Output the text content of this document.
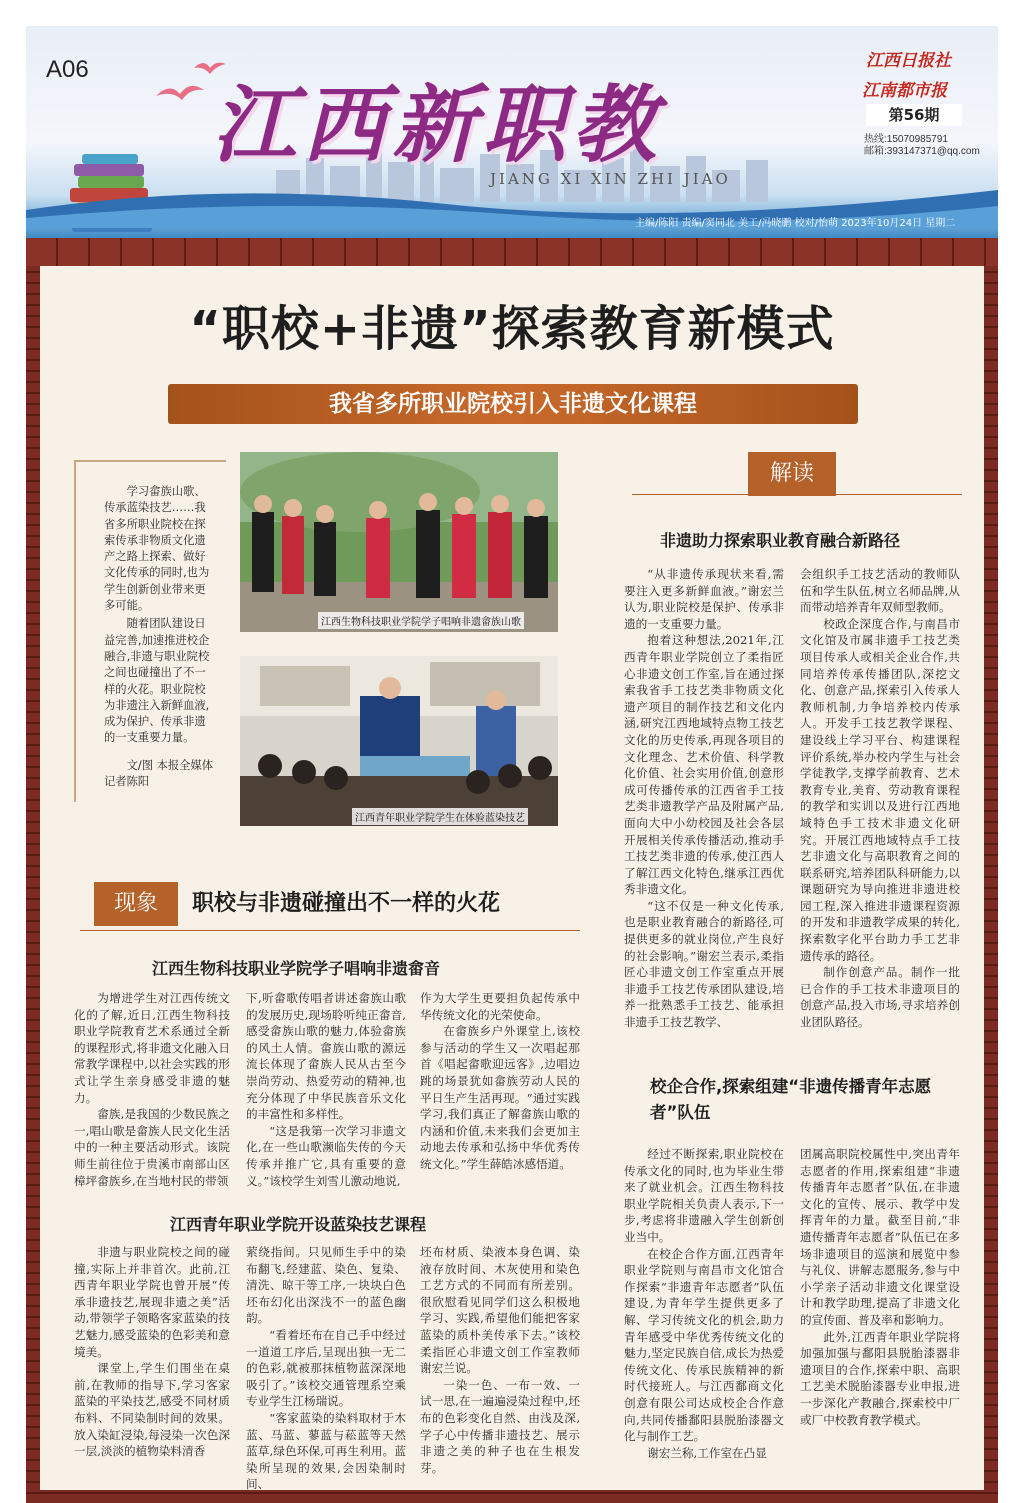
A06
江西新职教
JIANG XI XIN ZHI JIAO
江西日报社
江南都市报
第56期
热线:15070985791
邮箱:393147371@qq.com
主编/陈阳 责编/窦同北 美工/冯晓鹏 校对/怡萌 2023年10月24日 星期二
“职校+非遗”探索教育新模式
我省多所职业院校引入非遗文化课程

学习畲族山歌、传承蓝染技艺……我省多所职业院校在探索传承非物质文化遗产之路上探索、做好文化传承的同时,也为学生创新创业带来更多可能。

随着团队建设日益完善,加速推进校企融合,非遗与职业院校之间也碰撞出了不一样的火花。职业院校为非遗注入新鲜血液,成为保护、传承非遗的一支重要力量。

文/图 本报全媒体记者陈阳
江西生物科技职业学院学子唱响非遗畲族山歌
江西青年职业学院学生在体验蓝染技艺
现象	职校与非遗碰撞出不一样的火花
江西生物科技职业学院学子唱响非遗畲音

为增进学生对江西传统文化的了解,近日,江西生物科技职业学院教育艺术系通过全新的课程形式,将非遗文化融入日常教学课程中,以社会实践的形式让学生亲身感受非遗的魅力。

畲族,是我国的少数民族之一,唱山歌是畲族人民文化生活中的一种主要活动形式。该院师生前往位于贵溪市南部山区樟坪畲族乡,在当地村民的带领

下,听畲歌传唱者讲述畲族山歌的发展历史,现场聆听纯正畲音,感受畲族山歌的魅力,体验畲族的风土人情。畲族山歌的源远流长体现了畲族人民从古至今崇尚劳动、热爱劳动的精神,也充分体现了中华民族音乐文化的丰富性和多样性。

“这是我第一次学习非遗文化,在一些山歌濒临失传的今天传承并推广它,具有重要的意义。”该校学生刘雪儿激动地说,

作为大学生更要担负起传承中华传统文化的光荣使命。

在畲族乡户外课堂上,该校参与活动的学生又一次唱起那首《唱起畲歌迎远客》,边唱边跳的场景犹如畲族劳动人民的平日生产生活再现。“通过实践学习,我们真正了解畲族山歌的内涵和价值,未来我们会更加主动地去传承和弘扬中华优秀传统文化。”学生薛皓冰感悟道。

江西青年职业学院开设蓝染技艺课程

非遗与职业院校之间的碰撞,实际上并非首次。此前,江西青年职业学院也曾开展“传承非遗技艺,展现非遗之美”活动,带领学子领略客家蓝染的技艺魅力,感受蓝染的色彩美和意境美。

课堂上,学生们围坐在桌前,在教师的指导下,学习客家蓝染的平染技艺,感受不同材质布料、不同染制时间的效果。放入染缸浸染,每浸染一次色深一层,淡淡的植物染料清香

萦绕指间。只见师生手中的染布翻飞,经建蓝、染色、复染、清洗、晾干等工序,一块块白色坯布幻化出深浅不一的蓝色幽韵。

“看着坯布在自己手中经过一道道工序后,呈现出独一无二的色彩,就被那抹植物蓝深深地吸引了。”该校交通管理系空乘专业学生江杨瑞说。

“客家蓝染的染料取材于木蓝、马蓝、蓼蓝与菘蓝等天然蓝草,绿色环保,可再生利用。蓝染所呈现的效果,会因染制时间、

坯布材质、染液本身色调、染液存放时间、木灰使用和染色工艺方式的不同而有所差别。很欣慰看见同学们这么积极地学习、实践,希望他们能把客家蓝染的质朴美传承下去。”该校柔指匠心非遗文创工作室教师谢宏兰说。

一染一色、一布一效、一试一思,在一遍遍浸染过程中,坯布的色彩变化自然、由浅及深,学子心中传播非遗技艺、展示非遗之美的种子也在生根发芽。

解读
非遗助力探索职业教育融合新路径

“从非遗传承现状来看,需要注入更多新鲜血液。”谢宏兰认为,职业院校是保护、传承非遗的一支重要力量。

抱着这种想法,2021年,江西青年职业学院创立了柔指匠心非遗文创工作室,旨在通过探索我省手工技艺类非物质文化遗产项目的制作技艺和文化内涵,研究江西地域特点物工技艺文化的历史传承,再现各项目的文化理念、艺术价值、科学教化价值、社会实用价值,创意形成可传播传承的江西省手工技艺类非遗教学产品及附属产品,面向大中小幼校园及社会各层开展相关传承传播活动,推动手工技艺类非遗的传承,使江西人了解江西文化特色,继承江西优秀非遗文化。

“这不仅是一种文化传承,也是职业教育融合的新路径,可提供更多的就业岗位,产生良好的社会影响。”谢宏兰表示,柔指匠心非遗文创工作室重点开展非遗手工技艺传承团队建设,培养一批熟悉手工技艺、能承担非遗手工技艺教学、

会组织手工技艺活动的教师队伍和学生队伍,树立名师品牌,从而带动培养青年双师型教师。

校政企深度合作,与南昌市文化馆及市属非遗手工技艺类项目传承人或相关企业合作,共同培养传承传播团队,深挖文化、创意产品,探索引入传承人教师机制,力争培养校内传承人。开发手工技艺教学课程、建设线上学习平台、构建课程评价系统,举办校内学生与社会学徒教学,支撑学前教育、艺术教育专业,美育、劳动教育课程的教学和实训以及进行江西地域特色手工技术非遗文化研究。开展江西地域特点手工技艺非遗文化与高职教育之间的联系研究,培养团队科研能力,以课题研究为导向推进非遗进校园工程,深入推进非遗课程资源的开发和非遗教学成果的转化,探索数字化平台助力手工艺非遗传承的路径。

制作创意产品。制作一批已合作的手工技术非遗项目的创意产品,投入市场,寻求培养创业团队路径。

校企合作,探索组建“非遗传播青年志愿者”队伍

经过不断探索,职业院校在传承文化的同时,也为毕业生带来了就业机会。江西生物科技职业学院相关负责人表示,下一步,考虑将非遗融入学生创新创业当中。

在校企合作方面,江西青年职业学院则与南昌市文化馆合作探索“非遗青年志愿者”队伍建设,为青年学生提供更多了解、学习传统文化的机会,助力青年感受中华优秀传统文化的魅力,坚定民族自信,成长为热爱传统文化、传承民族精神的新时代接班人。与江西鄱商文化创意有限公司达成校企合作意向,共同传播鄱阳县脱胎漆器文化与制作工艺。

谢宏兰称,工作室在凸显

团属高职院校属性中,突出青年志愿者的作用,探索组建“非遗传播青年志愿者”队伍,在非遗文化的宣传、展示、教学中发挥青年的力量。截至目前,“非遗传播青年志愿者”队伍已在多场非遗项目的巡演和展览中参与礼仪、讲解志愿服务,参与中小学亲子活动非遗文化课堂设计和教学助理,提高了非遗文化的宣传面、普及率和影响力。

此外,江西青年职业学院将加强加强与鄱阳县脱胎漆器非遗项目的合作,探索中职、高职工艺美术脱胎漆器专业申报,进一步深化产教融合,探索校中厂或厂中校教育教学模式。
